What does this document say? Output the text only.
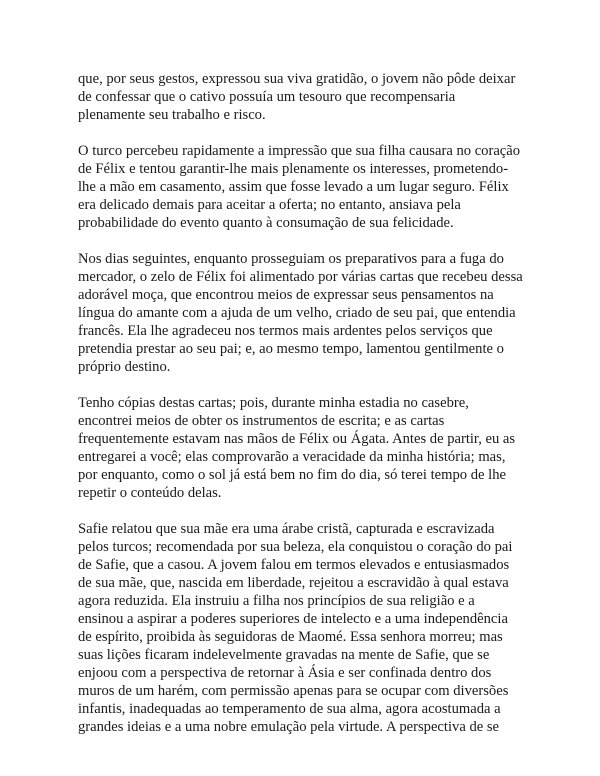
que, por seus gestos, expressou sua viva gratidão, o jovem não pôde deixar
de confessar que o cativo possuía um tesouro que recompensaria
plenamente seu trabalho e risco.

O turco percebeu rapidamente a impressão que sua filha causara no coração
de Félix e tentou garantir-lhe mais plenamente os interesses, prometendo-
lhe a mão em casamento, assim que fosse levado a um lugar seguro. Félix
era delicado demais para aceitar a oferta; no entanto, ansiava pela
probabilidade do evento quanto à consumação de sua felicidade.

Nos dias seguintes, enquanto prosseguiam os preparativos para a fuga do
mercador, o zelo de Félix foi alimentado por várias cartas que recebeu dessa
adorável moça, que encontrou meios de expressar seus pensamentos na
língua do amante com a ajuda de um velho, criado de seu pai, que entendia
francês. Ela lhe agradeceu nos termos mais ardentes pelos serviços que
pretendia prestar ao seu pai; e, ao mesmo tempo, lamentou gentilmente o
próprio destino.

Tenho cópias destas cartas; pois, durante minha estadia no casebre,
encontrei meios de obter os instrumentos de escrita; e as cartas
frequentemente estavam nas mãos de Félix ou Ágata. Antes de partir, eu as
entregarei a você; elas comprovarão a veracidade da minha história; mas,
por enquanto, como o sol já está bem no fim do dia, só terei tempo de lhe
repetir o conteúdo delas.

Safie relatou que sua mãe era uma árabe cristã, capturada e escravizada
pelos turcos; recomendada por sua beleza, ela conquistou o coração do pai
de Safie, que a casou. A jovem falou em termos elevados e entusiasmados
de sua mãe, que, nascida em liberdade, rejeitou a escravidão à qual estava
agora reduzida. Ela instruiu a filha nos princípios de sua religião e a
ensinou a aspirar a poderes superiores de intelecto e a uma independência
de espírito, proibida às seguidoras de Maomé. Essa senhora morreu; mas
suas lições ficaram indelevelmente gravadas na mente de Safie, que se
enjoou com a perspectiva de retornar à Ásia e ser confinada dentro dos
muros de um harém, com permissão apenas para se ocupar com diversões
infantis, inadequadas ao temperamento de sua alma, agora acostumada a
grandes ideias e a uma nobre emulação pela virtude. A perspectiva de se
